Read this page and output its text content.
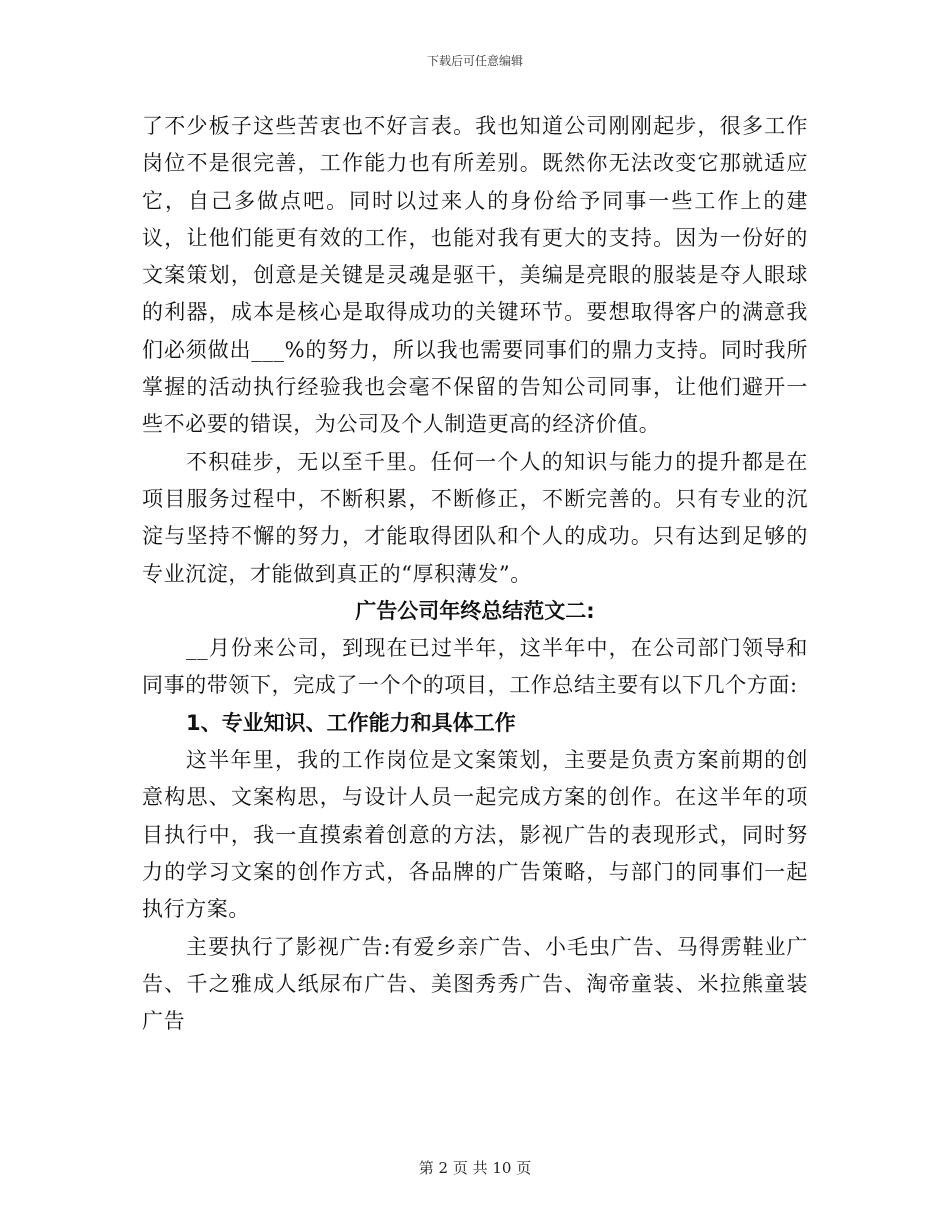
下载后可任意编辑

了不少板子这些苦衷也不好言表。我也知道公司刚刚起步，很多工作岗位不是很完善，工作能力也有所差别。既然你无法改变它那就适应它，自己多做点吧。同时以过来人的身份给予同事一些工作上的建议，让他们能更有效的工作，也能对我有更大的支持。因为一份好的文案策划，创意是关键是灵魂是驱干，美编是亮眼的服装是夺人眼球的利器，成本是核心是取得成功的关键环节。要想取得客户的满意我们必须做出___%的努力，所以我也需要同事们的鼎力支持。同时我所掌握的活动执行经验我也会毫不保留的告知公司同事，让他们避开一些不必要的错误，为公司及个人制造更高的经济价值。

不积硅步，无以至千里。任何一个人的知识与能力的提升都是在项目服务过程中，不断积累，不断修正，不断完善的。只有专业的沉淀与坚持不懈的努力，才能取得团队和个人的成功。只有达到足够的专业沉淀，才能做到真正的“厚积薄发”。

广告公司年终总结范文二:

__月份来公司，到现在已过半年，这半年中，在公司部门领导和同事的带领下，完成了一个个的项目，工作总结主要有以下几个方面:

1、专业知识、工作能力和具体工作

这半年里，我的工作岗位是文案策划，主要是负责方案前期的创意构思、文案构思，与设计人员一起完成方案的创作。在这半年的项目执行中，我一直摸索着创意的方法，影视广告的表现形式，同时努力的学习文案的创作方式，各品牌的广告策略，与部门的同事们一起执行方案。

主要执行了影视广告:有爱乡亲广告、小毛虫广告、马得雳鞋业广告、千之雅成人纸尿布广告、美图秀秀广告、淘帝童装、米拉熊童装广告

第 2 页 共 10 页
